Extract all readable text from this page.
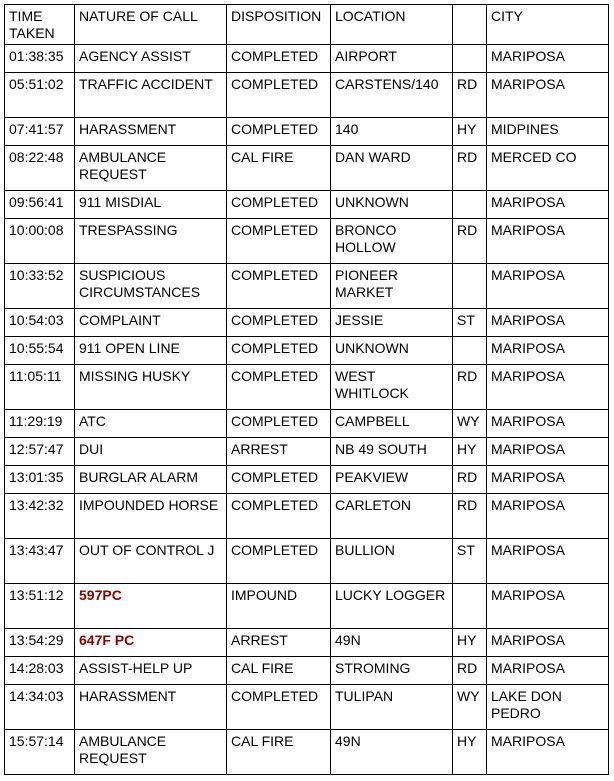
TIME TAKEN	NATURE OF CALL	DISPOSITION	LOCATION		CITY
01:38:35	AGENCY ASSIST	COMPLETED	AIRPORT		MARIPOSA
05:51:02	TRAFFIC ACCIDENT	COMPLETED	CARSTENS/140	RD	MARIPOSA
07:41:57	HARASSMENT	COMPLETED	140	HY	MIDPINES
08:22:48	AMBULANCE REQUEST	CAL FIRE	DAN WARD	RD	MERCED CO
09:56:41	911 MISDIAL	COMPLETED	UNKNOWN		MARIPOSA
10:00:08	TRESPASSING	COMPLETED	BRONCO HOLLOW	RD	MARIPOSA
10:33:52	SUSPICIOUS CIRCUMSTANCES	COMPLETED	PIONEER MARKET		MARIPOSA
10:54:03	COMPLAINT	COMPLETED	JESSIE	ST	MARIPOSA
10:55:54	911 OPEN LINE	COMPLETED	UNKNOWN		MARIPOSA
11:05:11	MISSING HUSKY	COMPLETED	WEST WHITLOCK	RD	MARIPOSA
11:29:19	ATC	COMPLETED	CAMPBELL	WY	MARIPOSA
12:57:47	DUI	ARREST	NB 49 SOUTH	HY	MARIPOSA
13:01:35	BURGLAR ALARM	COMPLETED	PEAKVIEW	RD	MARIPOSA
13:42:32	IMPOUNDED HORSE	COMPLETED	CARLETON	RD	MARIPOSA
13:43:47	OUT OF CONTROL J	COMPLETED	BULLION	ST	MARIPOSA
13:51:12	597PC	IMPOUND	LUCKY LOGGER		MARIPOSA
13:54:29	647F PC	ARREST	49N	HY	MARIPOSA
14:28:03	ASSIST-HELP UP	CAL FIRE	STROMING	RD	MARIPOSA
14:34:03	HARASSMENT	COMPLETED	TULIPAN	WY	LAKE DON PEDRO
15:57:14	AMBULANCE REQUEST	CAL FIRE	49N	HY	MARIPOSA
